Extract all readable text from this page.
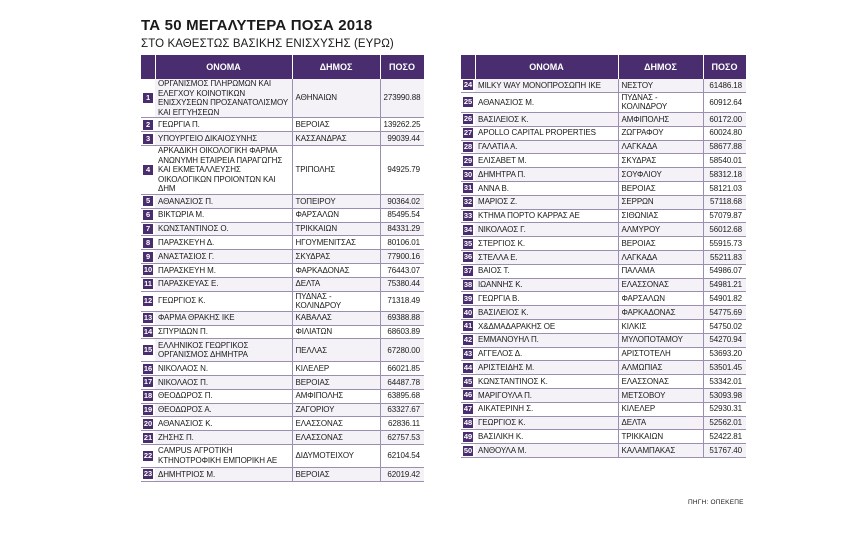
ΤΑ 50 ΜΕΓΑΛΥΤΕΡΑ ΠΟΣΑ 2018
ΣΤΟ ΚΑΘΕΣΤΩΣ ΒΑΣΙΚΗΣ ΕΝΙΣΧΥΣΗΣ (ΕΥΡΩ)
	ΟΝΟΜΑ	ΔΗΜΟΣ	ΠΟΣΟ
1	ΟΡΓΑΝΙΣΜΟΣ ΠΛΗΡΩΜΩΝ ΚΑΙ ΕΛΕΓΧΟΥ ΚΟΙΝΟΤΙΚΩΝ ΕΝΙΣΧΥΣΕΩΝ ΠΡΟΣΑΝΑΤΟΛΙΣΜΟΥ ΚΑΙ ΕΓΓΥΗΣΕΩΝ	ΑΘΗΝΑΙΩΝ	273990.88
2	ΓΕΩΡΓΙΑ Π.	ΒΕΡΟΙΑΣ	139262.25
3	ΥΠΟΥΡΓΕΙΟ ΔΙΚΑΙΟΣΥΝΗΣ	ΚΑΣΣΑΝΔΡΑΣ	99039.44
4	ΑΡΚΑΔΙΚΗ ΟΙΚΟΛΟΓΙΚΗ ΦΑΡΜΑ ΑΝΩΝΥΜΗ ΕΤΑΙΡΕΙΑ ΠΑΡΑΓΩΓΗΣ ΚΑΙ ΕΚΜΕΤΑΛΛΕΥΣΗΣ ΟΙΚΟΛΟΓΙΚΩΝ ΠΡΟΙΟΝΤΩΝ ΚΑΙ ΔΗΜ	ΤΡΙΠΟΛΗΣ	94925.79
5	ΑΘΑΝΑΣΙΟΣ Π.	ΤΟΠΕΙΡΟΥ	90364.02
6	ΒΙΚΤΩΡΙΑ Μ.	ΦΑΡΣΑΛΩΝ	85495.54
7	ΚΩΝΣΤΑΝΤΙΝΟΣ Ο.	ΤΡΙΚΚΑΙΩΝ	84331.29
8	ΠΑΡΑΣΚΕΥΗ Δ.	ΗΓΟΥΜΕΝΙΤΣΑΣ	80106.01
9	ΑΝΑΣΤΑΣΙΟΣ Γ.	ΣΚΥΔΡΑΣ	77900.16
10	ΠΑΡΑΣΚΕΥΗ Μ.	ΦΑΡΚΑΔΟΝΑΣ	76443.07
11	ΠΑΡΑΣΚΕΥΑΣ Ε.	ΔΕΛΤΑ	75380.44
12	ΓΕΩΡΓΙΟΣ Κ.	ΠΥΔΝΑΣ - ΚΟΛΙΝΔΡΟΥ	71318.49
13	ΦΑΡΜΑ ΘΡΑΚΗΣ ΙΚΕ	ΚΑΒΑΛΑΣ	69388.88
14	ΣΠΥΡΙΔΩΝ Π.	ΦΙΛΙΑΤΩΝ	68603.89
15	ΕΛΛΗΝΙΚΟΣ ΓΕΩΡΓΙΚΟΣ ΟΡΓΑΝΙΣΜΟΣ ΔΗΜΗΤΡΑ	ΠΕΛΛΑΣ	67280.00
16	ΝΙΚΟΛΑΟΣ Ν.	ΚΙΛΕΛΕΡ	66021.85
17	ΝΙΚΟΛΑΟΣ Π.	ΒΕΡΟΙΑΣ	64487.78
18	ΘΕΟΔΩΡΟΣ Π.	ΑΜΦΙΠΟΛΗΣ	63895.68
19	ΘΕΟΔΩΡΟΣ Α.	ΖΑΓΟΡΙΟΥ	63327.67
20	ΑΘΑΝΑΣΙΟΣ Κ.	ΕΛΑΣΣΟΝΑΣ	62836.11
21	ΖΗΣΗΣ Π.	ΕΛΑΣΣΟΝΑΣ	62757.53
22	CAMPUS ΑΓΡΟΤΙΚΗ ΚΤΗΝΟΤΡΟΦΙΚΗ ΕΜΠΟΡΙΚΗ ΑΕ	ΔΙΔΥΜΟΤΕΙΧΟΥ	62104.54
23	ΔΗΜΗΤΡΙΟΣ Μ.	ΒΕΡΟΙΑΣ	62019.42
	ΟΝΟΜΑ	ΔΗΜΟΣ	ΠΟΣΟ
24	MILKY WAY ΜΟΝΟΠΡΟΣΩΠΗ ΙΚΕ	ΝΕΣΤΟΥ	61486.18
25	ΑΘΑΝΑΣΙΟΣ Μ.	ΠΥΔΝΑΣ - ΚΟΛΙΝΔΡΟΥ	60912.64
26	ΒΑΣΙΛΕΙΟΣ Κ.	ΑΜΦΙΠΟΛΗΣ	60172.00
27	APOLLO CAPITAL PROPERTIES	ΖΩΓΡΑΦΟΥ	60024.80
28	ΓΑΛΑΤΙΑ Α.	ΛΑΓΚΑΔΑ	58677.88
29	ΕΛΙΣΑΒΕΤ Μ.	ΣΚΥΔΡΑΣ	58540.01
30	ΔΗΜΗΤΡΑ Π.	ΣΟΥΦΛΙΟΥ	58312.18
31	ΑΝΝΑ Β.	ΒΕΡΟΙΑΣ	58121.03
32	ΜΑΡΙΟΣ Ζ.	ΣΕΡΡΩΝ	57118.68
33	ΚΤΗΜΑ ΠΟΡΤΟ ΚΑΡΡΑΣ ΑΕ	ΣΙΘΩΝΙΑΣ	57079.87
34	ΝΙΚΟΛΑΟΣ Γ.	ΑΛΜΥΡΟΥ	56012.68
35	ΣΤΕΡΓΙΟΣ Κ.	ΒΕΡΟΙΑΣ	55915.73
36	ΣΤΕΛΛΑ Ε.	ΛΑΓΚΑΔΑ	55211.83
37	ΒΑΙΟΣ Τ.	ΠΑΛΑΜΑ	54986.07
38	ΙΩΑΝΝΗΣ Κ.	ΕΛΑΣΣΟΝΑΣ	54981.21
39	ΓΕΩΡΓΙΑ Β.	ΦΑΡΣΑΛΩΝ	54901.82
40	ΒΑΣΙΛΕΙΟΣ Κ.	ΦΑΡΚΑΔΟΝΑΣ	54775.69
41	Χ&ΔΜΑΔΑΡΑΚΗΣ ΟΕ	ΚΙΛΚΙΣ	54750.02
42	ΕΜΜΑΝΟΥΗΛ Π.	ΜΥΛΟΠΟΤΑΜΟΥ	54270.94
43	ΑΓΓΕΛΟΣ Δ.	ΑΡΙΣΤΟΤΕΛΗ	53693.20
44	ΑΡΙΣΤΕΙΔΗΣ Μ.	ΑΛΜΩΠΙΑΣ	53501.45
45	ΚΩΝΣΤΑΝΤΙΝΟΣ Κ.	ΕΛΑΣΣΟΝΑΣ	53342.01
46	ΜΑΡΙΓΟΥΛΑ Π.	ΜΕΤΣΟΒΟΥ	53093.98
47	ΑΙΚΑΤΕΡΙΝΗ Σ.	ΚΙΛΕΛΕΡ	52930.31
48	ΓΕΩΡΓΙΟΣ Κ.	ΔΕΛΤΑ	52562.01
49	ΒΑΣΙΛΙΚΗ Κ.	ΤΡΙΚΚΑΙΩΝ	52422.81
50	ΑΝΘΟΥΛΑ Μ.	ΚΑΛΑΜΠΑΚΑΣ	51767.40
ΠΗΓΗ: ΟΠΕΚΕΠΕ
